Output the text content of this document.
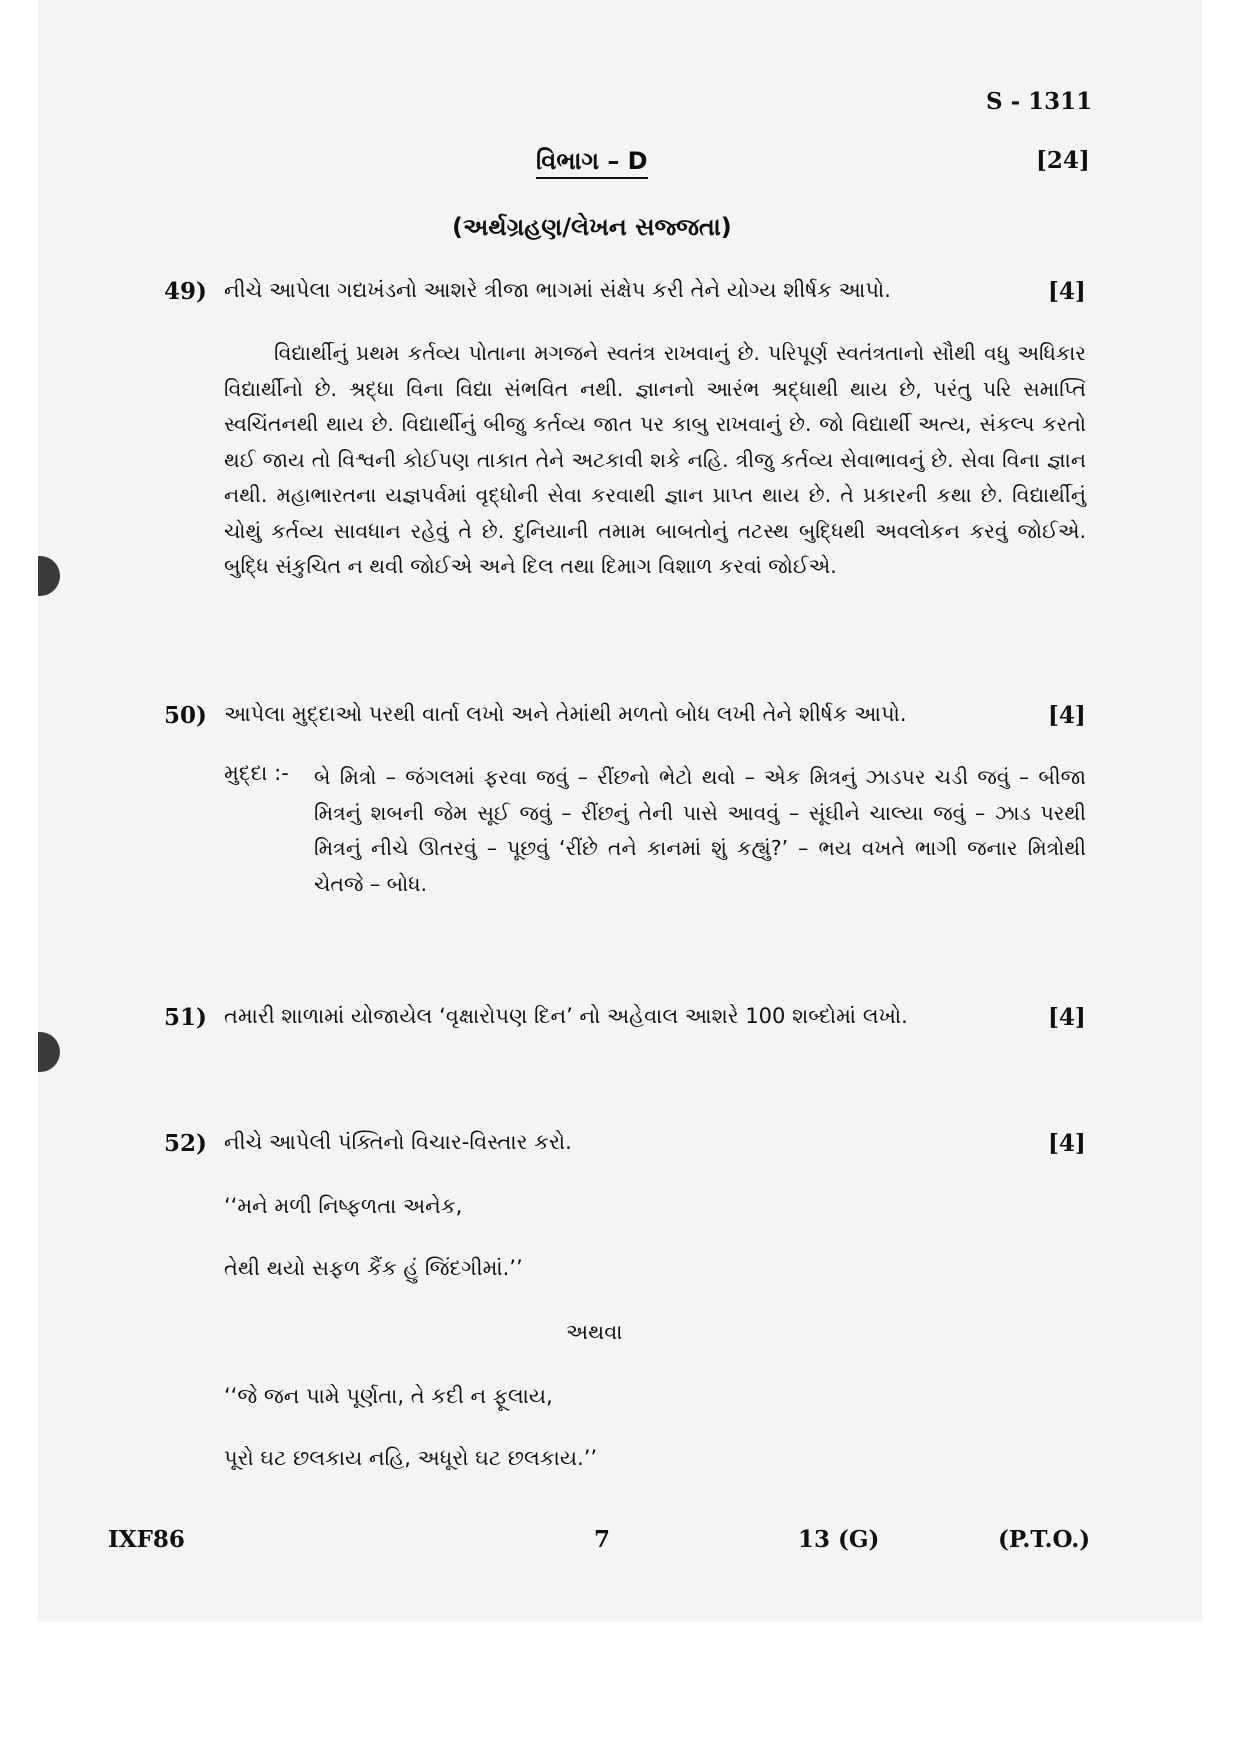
S - 1311
વિભાગ – D	[24]
(અર્થગ્રહણ/લેખન સજ્જતા)
49) નીચે આપેલા ગદ્યખંડનો આશરે ત્રીજા ભાગમાં સંક્ષેપ કરી તેને યોગ્ય શીર્ષક આપો.	[4]
વિદ્યાર્થીનું પ્રથમ કર્તવ્ય પોતાના મગજને સ્વતંત્ર રાખવાનું છે. પરિપૂર્ણ સ્વતંત્રતાનો સૌથી વધુ અધિકાર વિદ્યાર્થીનો છે. શ્રદ્ધા વિના વિદ્યા સંભવિત નથી. જ્ઞાનનો આરંભ શ્રદ્ધાથી થાય છે, પરંતુ પરિ સમાપ્તિ સ્વચિંતનથી થાય છે. વિદ્યાર્થીનું બીજુ કર્તવ્ય જાત પર કાબુ રાખવાનું છે. જો વિદ્યાર્થી અત્ય, સંકલ્પ કરતો થઈ જાય તો વિશ્વની કોઈપણ તાકાત તેને અટકાવી શકે નહિ. ત્રીજુ કર્તવ્ય સેવાભાવનું છે. સેવા વિના જ્ઞાન નથી. મહાભારતના યજ્ઞપર્વમાં વૃદ્ધોની સેવા કરવાથી જ્ઞાન પ્રાપ્ત થાય છે. તે પ્રકારની કથા છે. વિદ્યાર્થીનું ચોથું કર્તવ્ય સાવધાન રહેવું તે છે. દુનિયાની તમામ બાબતોનું તટસ્થ બુદ્ધિથી અવલોકન કરવું જોઈએ. બુદ્ધિ સંકુચિત ન થવી જોઈએ અને દિલ તથા દિમાગ વિશાળ કરવાં જોઈએ.
50) આપેલા મુદ્દાઓ પરથી વાર્તા લખો અને તેમાંથી મળતો બોધ લખી તેને શીર્ષક આપો.	[4]
મુદ્દા :- બે મિત્રો – જંગલમાં ફરવા જવું – રીંછનો ભેટો થવો – એક મિત્રનું ઝાડપર ચડી જવું – બીજા મિત્રનું શબની જેમ સૂઈ જવું – રીંછનું તેની પાસે આવવું – સૂંઘીને ચાલ્યા જવું – ઝાડ પરથી મિત્રનું નીચે ઊતરવું – પૂછવું ‘રીંછે તને કાનમાં શું કહ્યું?’ – ભય વખતે ભાગી જનાર મિત્રોથી ચેતજે – બોધ.
51) તમારી શાળામાં યોજાયેલ ‘વૃક્ષારોપણ દિન’ નો અહેવાલ આશરે 100 શબ્દોમાં લખો.	[4]
52) નીચે આપેલી પંક્તિનો વિચાર-વિસ્તાર કરો.	[4]
‘‘મને મળી નિષ્ફળતા અનેક,
તેથી થયો સફળ કૈંક હું જિંદગીમાં.’’
અથવા
‘‘જે જન પામે પૂર્ણતા, તે કદી ન ફૂલાય,
પૂરો ઘટ છલકાય નહિ, અધૂરો ઘટ છલકાય.’’
IXF86	7	13 (G)	(P.T.O.)
